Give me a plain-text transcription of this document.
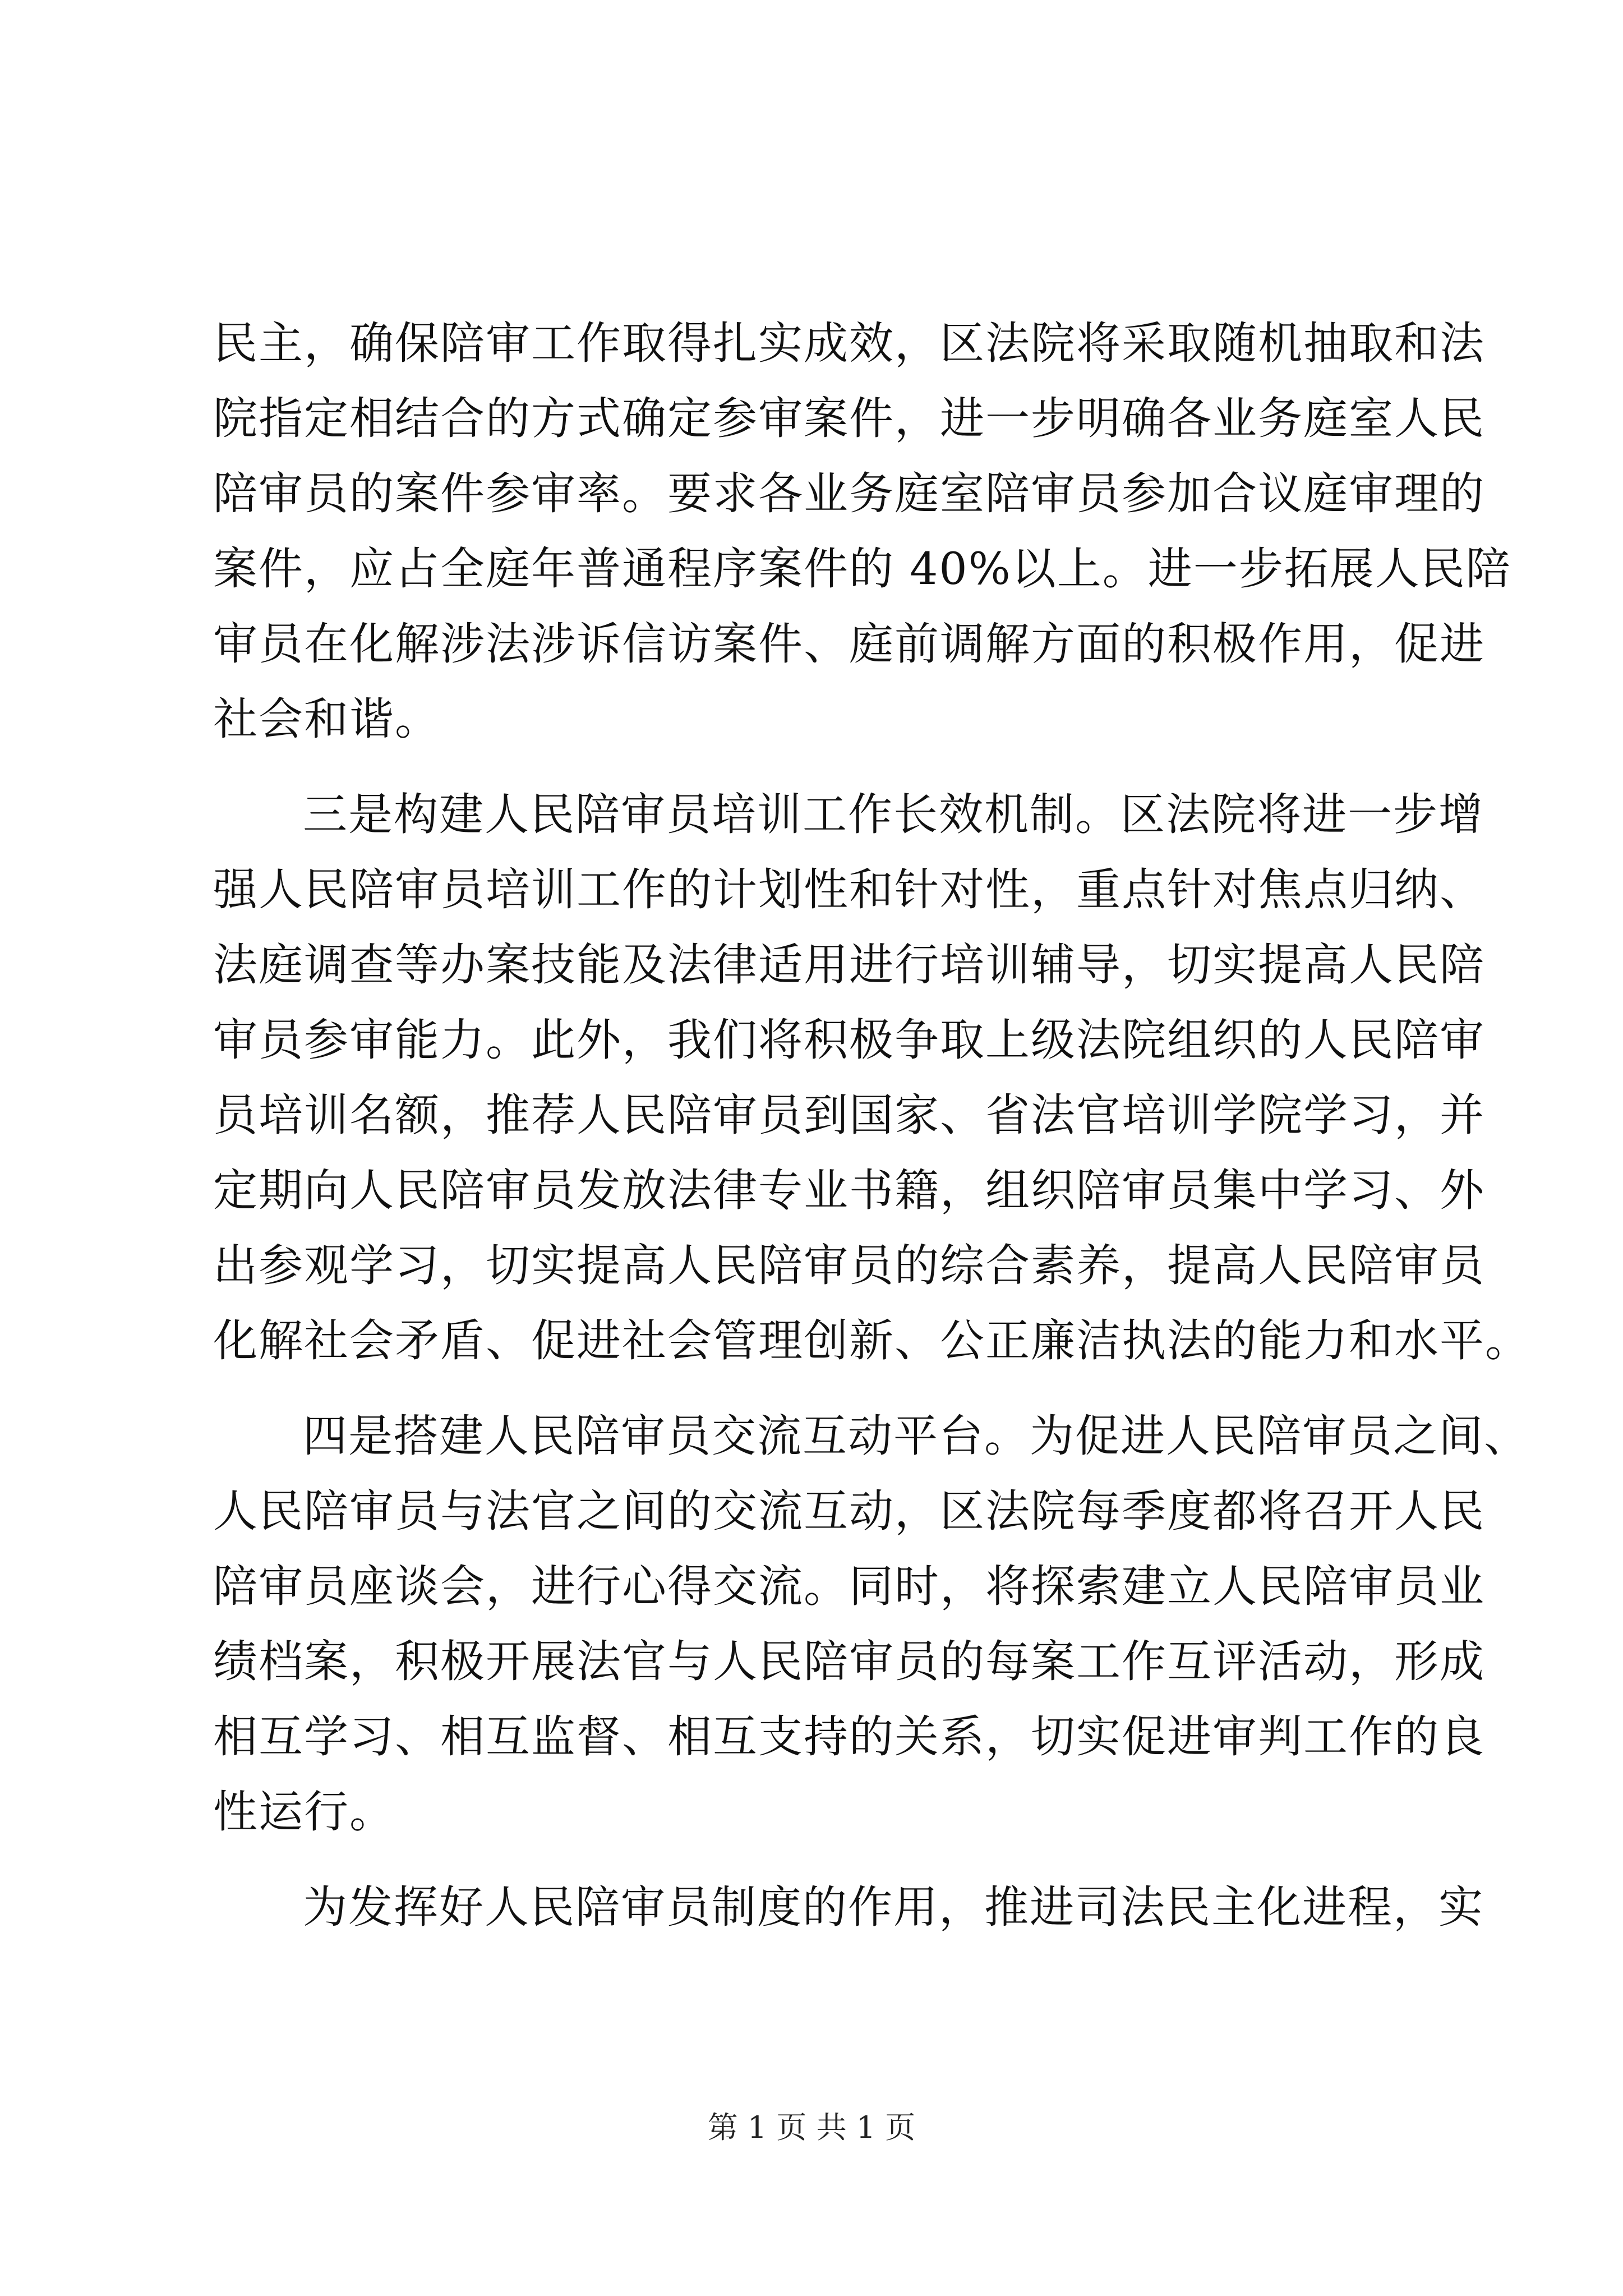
民主，确保陪审工作取得扎实成效，区法院将采取随机抽取和法
院指定相结合的方式确定参审案件，进一步明确各业务庭室人民
陪审员的案件参审率。要求各业务庭室陪审员参加合议庭审理的
案件，应占全庭年普通程序案件的 40%以上。进一步拓展人民陪
审员在化解涉法涉诉信访案件、庭前调解方面的积极作用，促进
社会和谐。
三是构建人民陪审员培训工作长效机制。区法院将进一步增
强人民陪审员培训工作的计划性和针对性，重点针对焦点归纳、
法庭调查等办案技能及法律适用进行培训辅导，切实提高人民陪
审员参审能力。此外，我们将积极争取上级法院组织的人民陪审
员培训名额，推荐人民陪审员到国家、省法官培训学院学习，并
定期向人民陪审员发放法律专业书籍，组织陪审员集中学习、外
出参观学习，切实提高人民陪审员的综合素养，提高人民陪审员
化解社会矛盾、促进社会管理创新、公正廉洁执法的能力和水平。
四是搭建人民陪审员交流互动平台。为促进人民陪审员之间、
人民陪审员与法官之间的交流互动，区法院每季度都将召开人民
陪审员座谈会，进行心得交流。同时，将探索建立人民陪审员业
绩档案，积极开展法官与人民陪审员的每案工作互评活动，形成
相互学习、相互监督、相互支持的关系，切实促进审判工作的良
性运行。
为发挥好人民陪审员制度的作用，推进司法民主化进程，实
第 1 页 共 1 页
